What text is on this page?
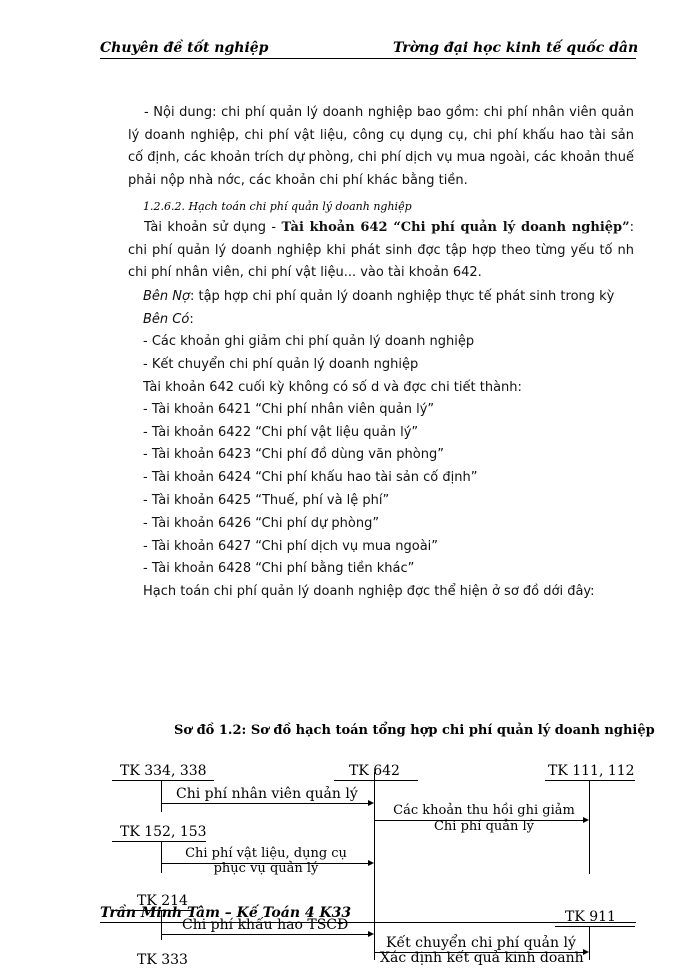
Chuyên đề tốt nghiệp	Trờng đại học kinh tế quốc dân
- Nội dung: chi phí quản lý doanh nghiệp bao gồm: chi phí nhân viên quản lý doanh nghiệp, chi phí vật liệu, công cụ dụng cụ, chi phí khấu hao tài sản cố định, các khoản trích dự phòng, chi phí dịch vụ mua ngoài, các khoản thuế phải nộp nhà nớc, các khoản chi phí khác bằng tiền.
1.2.6.2. Hạch toán chi phí quản lý doanh nghiệp
Tài khoản sử dụng - Tài khoản 642 “Chi phí quản lý doanh nghiệp”: chi phí quản lý doanh nghiệp khi phát sinh đợc tập hợp theo từng yếu tố nh chi phí nhân viên, chi phí vật liệu... vào tài khoản 642.
Bên Nợ: tập hợp chi phí quản lý doanh nghiệp thực tế phát sinh trong kỳ
Bên Có:
- Các khoản ghi giảm chi phí quản lý doanh nghiệp
- Kết chuyển chi phí quản lý doanh nghiệp
Tài khoản 642 cuối kỳ không có số d và đợc chi tiết thành:
- Tài khoản 6421 “Chi phí nhân viên quản lý”
- Tài khoản 6422 “Chi phí vật liệu quản lý”
- Tài khoản 6423 “Chi phí đồ dùng văn phòng”
- Tài khoản 6424 “Chi phí khấu hao tài sản cố định”
- Tài khoản 6425 “Thuế, phí và lệ phí”
- Tài khoản 6426 “Chi phí dự phòng”
- Tài khoản 6427 “Chi phí dịch vụ mua ngoài”
- Tài khoản 6428 “Chi phí bằng tiền khác”
Hạch toán chi phí quản lý doanh nghiệp đợc thể hiện ở sơ đồ dới đây:
Sơ đồ 1.2: Sơ đồ hạch toán tổng hợp chi phí quản lý doanh nghiệp
TK 334, 338	TK 642	TK 111, 112
TK 152, 153
TK 214
TK 911
TK 333
Chi phí nhân viên quản lý
Các khoản thu hồi ghi giảm
Chi phí quản lý
Chi phí vật liệu, dụng cụ
phục vụ quản lý
Chi phí khấu hao TSCĐ
Kết chuyển chi phí quản lý
Xác định kết quả kinh doanh
Trần Minh Tâm – Kế Toán 4 K33
